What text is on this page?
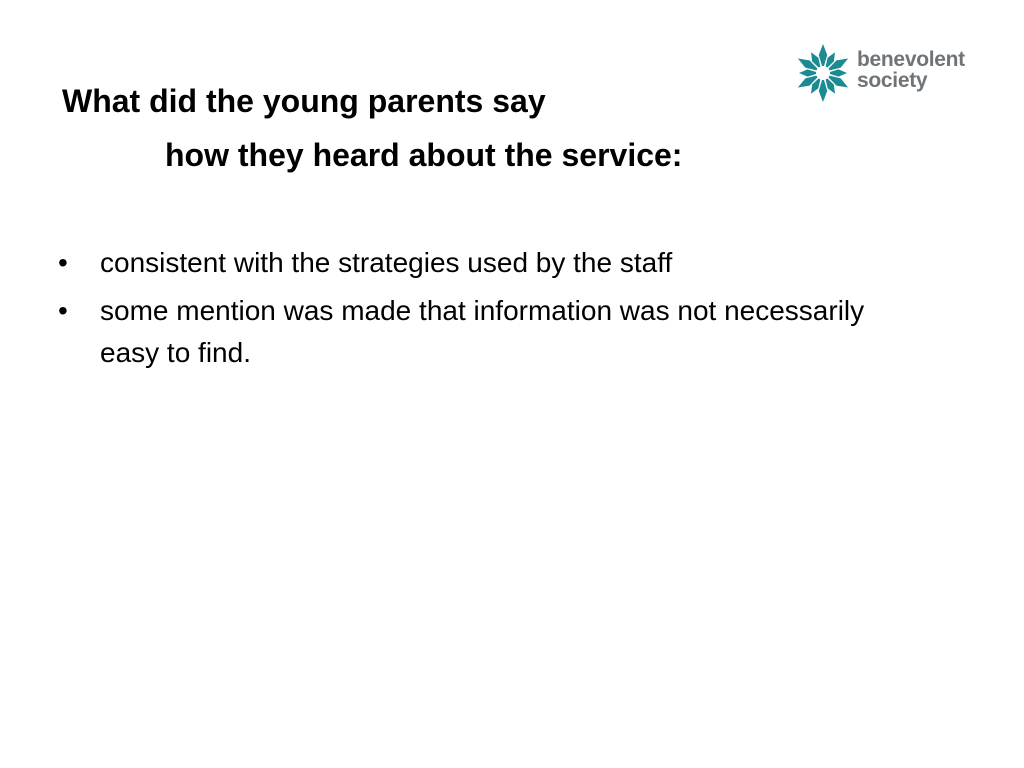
What did the young parents say
how they heard about the service:
benevolent
society
• consistent with the strategies used by the staff
• some mention was made that information was not necessarily easy to find.
